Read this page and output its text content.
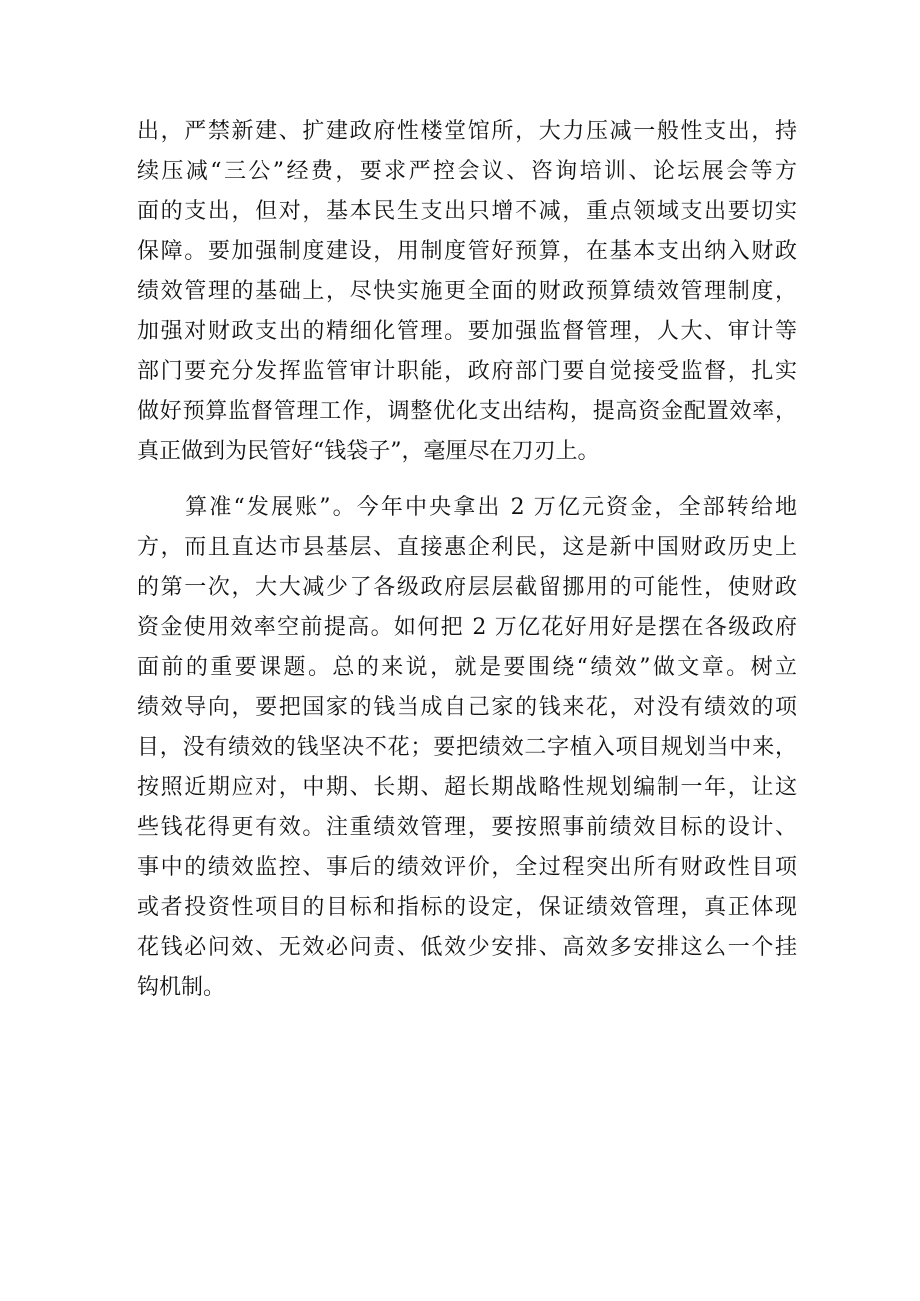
出，严禁新建、扩建政府性楼堂馆所，大力压减一般性支出，持
续压减“三公”经费，要求严控会议、咨询培训、论坛展会等方
面的支出，但对，基本民生支出只增不减，重点领域支出要切实
保障。要加强制度建设，用制度管好预算，在基本支出纳入财政
绩效管理的基础上，尽快实施更全面的财政预算绩效管理制度，
加强对财政支出的精细化管理。要加强监督管理，人大、审计等
部门要充分发挥监管审计职能，政府部门要自觉接受监督，扎实
做好预算监督管理工作，调整优化支出结构，提高资金配置效率，
真正做到为民管好“钱袋子”，毫厘尽在刀刃上。
　　算准“发展账”。今年中央拿出 2 万亿元资金，全部转给地
方，而且直达市县基层、直接惠企利民，这是新中国财政历史上
的第一次，大大减少了各级政府层层截留挪用的可能性，使财政
资金使用效率空前提高。如何把 2 万亿花好用好是摆在各级政府
面前的重要课题。总的来说，就是要围绕“绩效”做文章。树立
绩效导向，要把国家的钱当成自己家的钱来花，对没有绩效的项
目，没有绩效的钱坚决不花；要把绩效二字植入项目规划当中来，
按照近期应对，中期、长期、超长期战略性规划编制一年，让这
些钱花得更有效。注重绩效管理，要按照事前绩效目标的设计、
事中的绩效监控、事后的绩效评价，全过程突出所有财政性目项
或者投资性项目的目标和指标的设定，保证绩效管理，真正体现
花钱必问效、无效必问责、低效少安排、高效多安排这么一个挂
钩机制。
